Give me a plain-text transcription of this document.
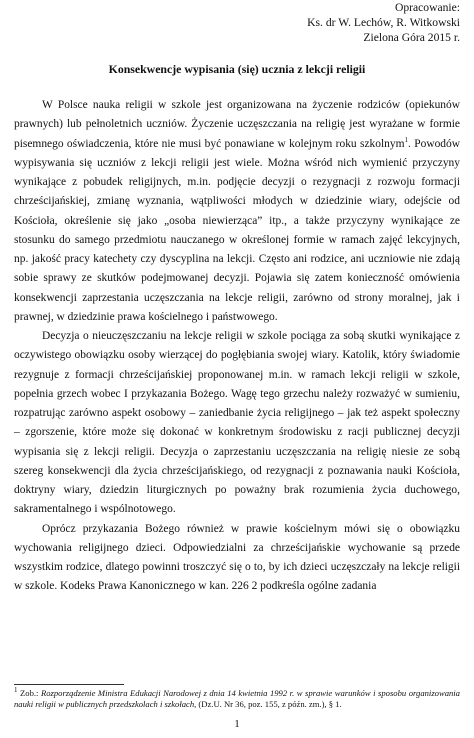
Opracowanie:
Ks. dr W. Lechów, R. Witkowski
Zielona Góra 2015 r.
Konsekwencje wypisania (się) ucznia z lekcji religii

W Polsce nauka religii w szkole jest organizowana na życzenie rodziców (opiekunów prawnych) lub pełnoletnich uczniów. Życzenie uczęszczania na religię jest wyrażane w formie pisemnego oświadczenia, które nie musi być ponawiane w kolejnym roku szkolnym$^1$. Powodów wypisywania się uczniów z lekcji religii jest wiele. Można wśród nich wymienić przyczyny wynikające z pobudek religijnych, m.in. podjęcie decyzji o rezygnacji z rozwoju formacji chrześcijańskiej, zmianę wyznania, wątpliwości młodych w dziedzinie wiary, odejście od Kościoła, określenie się jako „osoba niewierząca” itp., a także przyczyny wynikające ze stosunku do samego przedmiotu nauczanego w określonej formie w ramach zajęć lekcyjnych, np. jakość pracy katechety czy dyscyplina na lekcji. Często ani rodzice, ani uczniowie nie zdają sobie sprawy ze skutków podejmowanej decyzji. Pojawia się zatem konieczność omówienia konsekwencji zaprzestania uczęszczania na lekcje religii, zarówno od strony moralnej, jak i prawnej, w dziedzinie prawa kościelnego i państwowego.

Decyzja o nieuczęszczaniu na lekcje religii w szkole pociąga za sobą skutki wynikające z oczywistego obowiązku osoby wierzącej do pogłębiania swojej wiary. Katolik, który świadomie rezygnuje z formacji chrześcijańskiej proponowanej m.in. w ramach lekcji religii w szkole, popełnia grzech wobec I przykazania Bożego. Wagę tego grzechu należy rozważyć w sumieniu, rozpatrując zarówno aspekt osobowy – zaniedbanie życia religijnego – jak też aspekt społeczny – zgorszenie, które może się dokonać w konkretnym środowisku z racji publicznej decyzji wypisania się z lekcji religii. Decyzja o zaprzestaniu uczęszczania na religię niesie ze sobą szereg konsekwencji dla życia chrześcijańskiego, od rezygnacji z poznawania nauki Kościoła, doktryny wiary, dziedzin liturgicznych po poważny brak rozumienia życia duchowego, sakramentalnego i wspólnotowego.

Oprócz przykazania Bożego również w prawie kościelnym mówi się o obowiązku wychowania religijnego dzieci. Odpowiedzialni za chrześcijańskie wychowanie są przede wszystkim rodzice, dlatego powinni troszczyć się o to, by ich dzieci uczęszczały na lekcje religii w szkole. Kodeks Prawa Kanonicznego w kan. 226 2 podkreśla ogólne zadania

$^1$ Zob.: Rozporządzenie Ministra Edukacji Narodowej z dnia 14 kwietnia 1992 r. w sprawie warunków i sposobu organizowania nauki religii w publicznych przedszkolach i szkołach, (Dz.U. Nr 36, poz. 155, z późn. zm.), § 1.
1
